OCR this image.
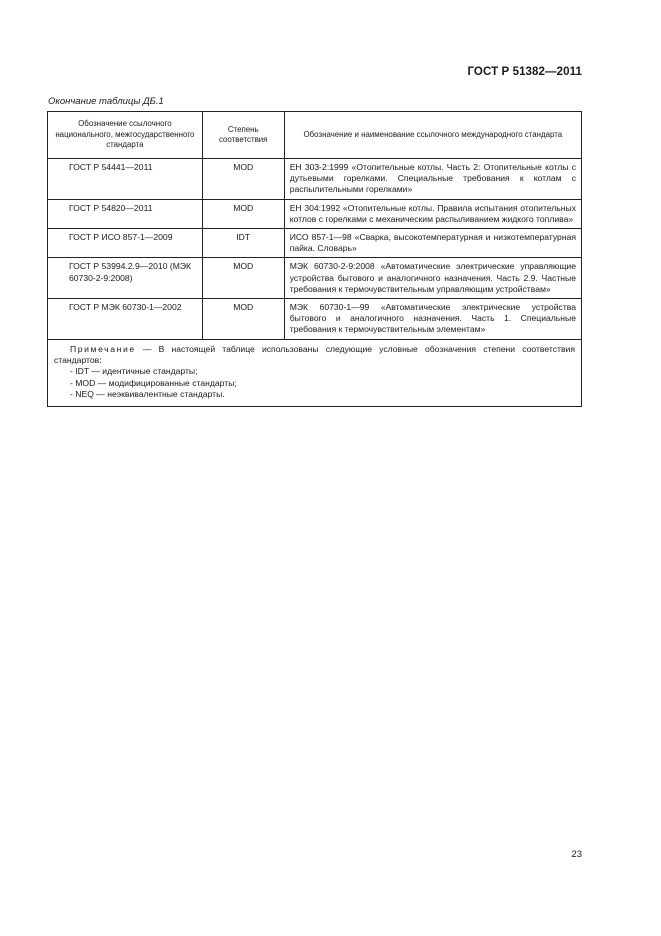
ГОСТ Р 51382—2011
Окончание таблицы ДБ.1
Обозначение ссылочного национального, межгосударственного стандарта	Степень соответствия	Обозначение и наименование ссылочного международного стандарта
ГОСТ Р 54441—2011	MOD	ЕН 303-2:1999 «Отопительные котлы. Часть 2: Отопительные котлы с дутьевыми горелками. Специальные требования к котлам с распылительными горелками»
ГОСТ Р 54820—2011	MOD	ЕН 304:1992 «Отопительные котлы. Правила испытания отопительных котлов с горелками с механическим распыливанием жидкого топлива»
ГОСТ Р ИСО 857-1—2009	IDT	ИСО 857-1—98 «Сварка, высокотемпературная и низкотемпературная пайка. Словарь»
ГОСТ Р 53994.2.9—2010 (МЭК 60730-2-9:2008)	MOD	МЭК 60730-2-9:2008 «Автоматические электрические управляющие устройства бытового и аналогичного назначения. Часть 2.9. Частные требования к термочувствительным управляющим устройствам»
ГОСТ Р МЭК 60730-1—2002	MOD	МЭК 60730-1—99 «Автоматические электрические устройства бытового и аналогичного назначения. Часть 1. Специальные требования к термочувствительным элементам»
Примечание — В настоящей таблице использованы следующие условные обозначения степени соответствия стандартов:
- IDT — идентичные стандарты;
- MOD — модифицированные стандарты;
- NEQ — неэквивалентные стандарты.		
23
